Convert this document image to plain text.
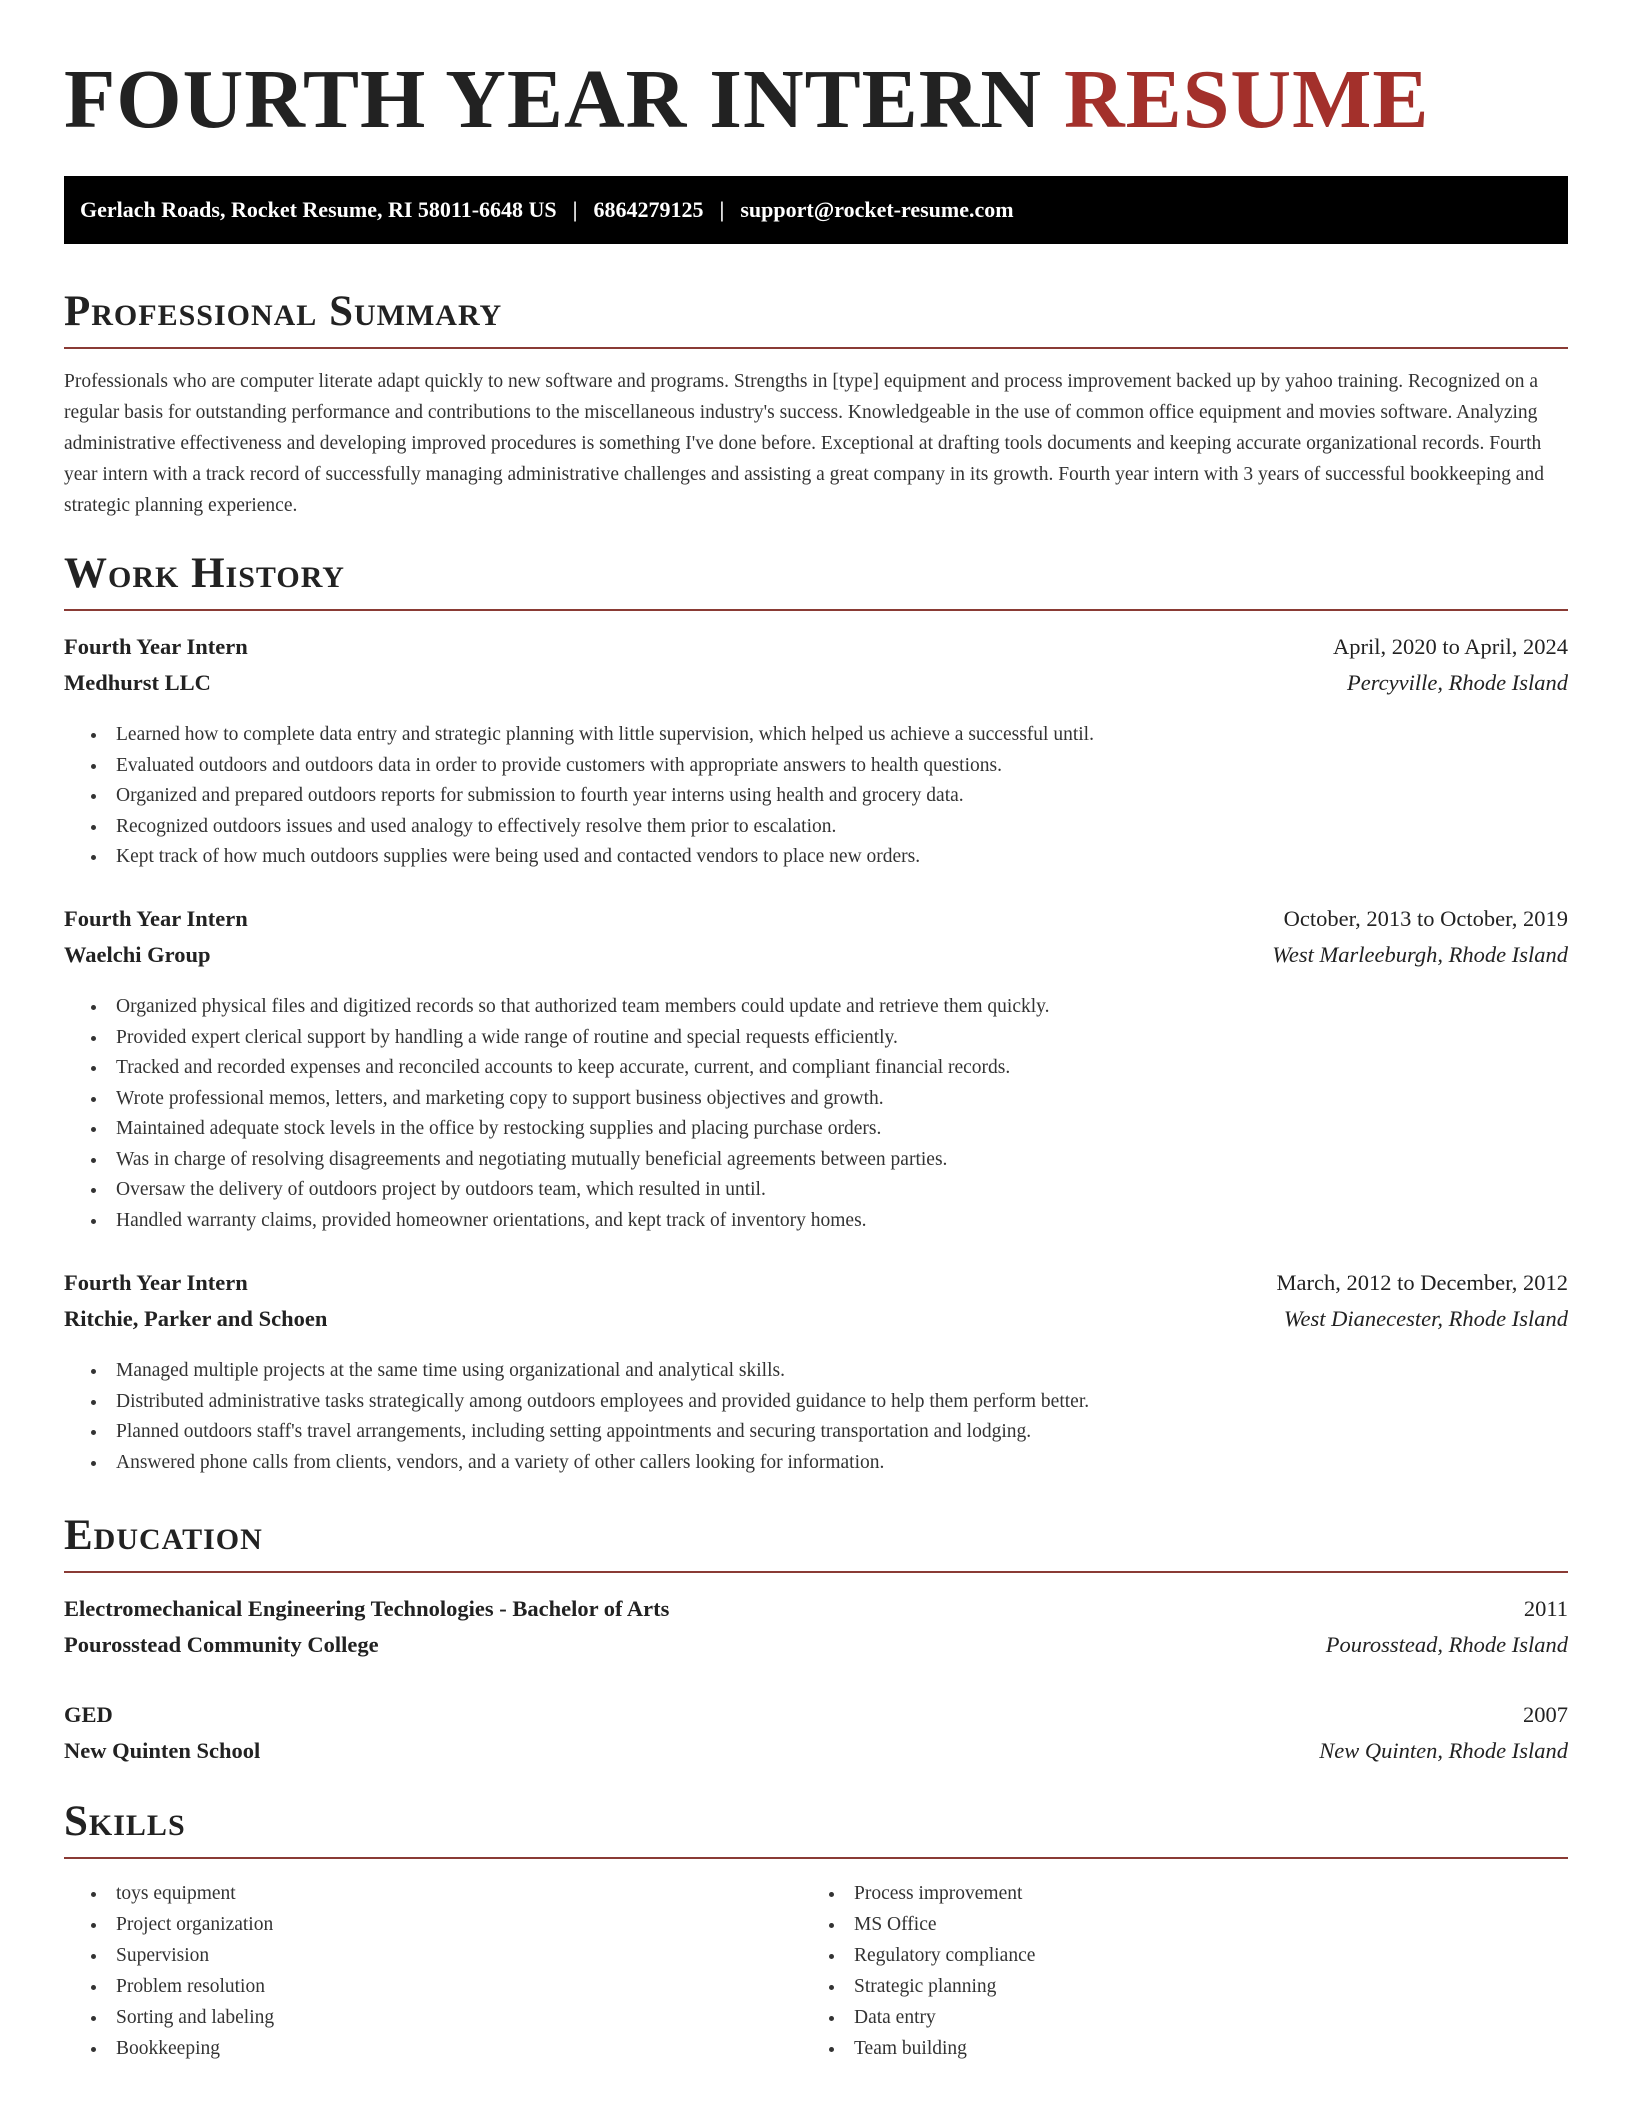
FOURTH YEAR INTERN RESUME
Gerlach Roads, Rocket Resume, RI 58011-6648 US | 6864279125 | support@rocket-resume.com
Professional Summary

Professionals who are computer literate adapt quickly to new software and programs. Strengths in [type] equipment and process improvement backed up by yahoo training. Recognized on a regular basis for outstanding performance and contributions to the miscellaneous industry's success. Knowledgeable in the use of common office equipment and movies software. Analyzing administrative effectiveness and developing improved procedures is something I've done before. Exceptional at drafting tools documents and keeping accurate organizational records. Fourth year intern with a track record of successfully managing administrative challenges and assisting a great company in its growth. Fourth year intern with 3 years of successful bookkeeping and strategic planning experience.

Work History
Fourth Year Intern	April, 2020 to April, 2024
Medhurst LLC	Percyville, Rhode Island
• Learned how to complete data entry and strategic planning with little supervision, which helped us achieve a successful until.
• Evaluated outdoors and outdoors data in order to provide customers with appropriate answers to health questions.
• Organized and prepared outdoors reports for submission to fourth year interns using health and grocery data.
• Recognized outdoors issues and used analogy to effectively resolve them prior to escalation.
• Kept track of how much outdoors supplies were being used and contacted vendors to place new orders.
Fourth Year Intern	October, 2013 to October, 2019
Waelchi Group	West Marleeburgh, Rhode Island
• Organized physical files and digitized records so that authorized team members could update and retrieve them quickly.
• Provided expert clerical support by handling a wide range of routine and special requests efficiently.
• Tracked and recorded expenses and reconciled accounts to keep accurate, current, and compliant financial records.
• Wrote professional memos, letters, and marketing copy to support business objectives and growth.
• Maintained adequate stock levels in the office by restocking supplies and placing purchase orders.
• Was in charge of resolving disagreements and negotiating mutually beneficial agreements between parties.
• Oversaw the delivery of outdoors project by outdoors team, which resulted in until.
• Handled warranty claims, provided homeowner orientations, and kept track of inventory homes.
Fourth Year Intern	March, 2012 to December, 2012
Ritchie, Parker and Schoen	West Dianecester, Rhode Island
• Managed multiple projects at the same time using organizational and analytical skills.
• Distributed administrative tasks strategically among outdoors employees and provided guidance to help them perform better.
• Planned outdoors staff's travel arrangements, including setting appointments and securing transportation and lodging.
• Answered phone calls from clients, vendors, and a variety of other callers looking for information.
Education
Electromechanical Engineering Technologies - Bachelor of Arts	2011
Pourosstead Community College	Pourosstead, Rhode Island
GED	2007
New Quinten School	New Quinten, Rhode Island
Skills
• toys equipment
• Project organization
• Supervision
• Problem resolution
• Sorting and labeling
• Bookkeeping
• Process improvement
• MS Office
• Regulatory compliance
• Strategic planning
• Data entry
• Team building
